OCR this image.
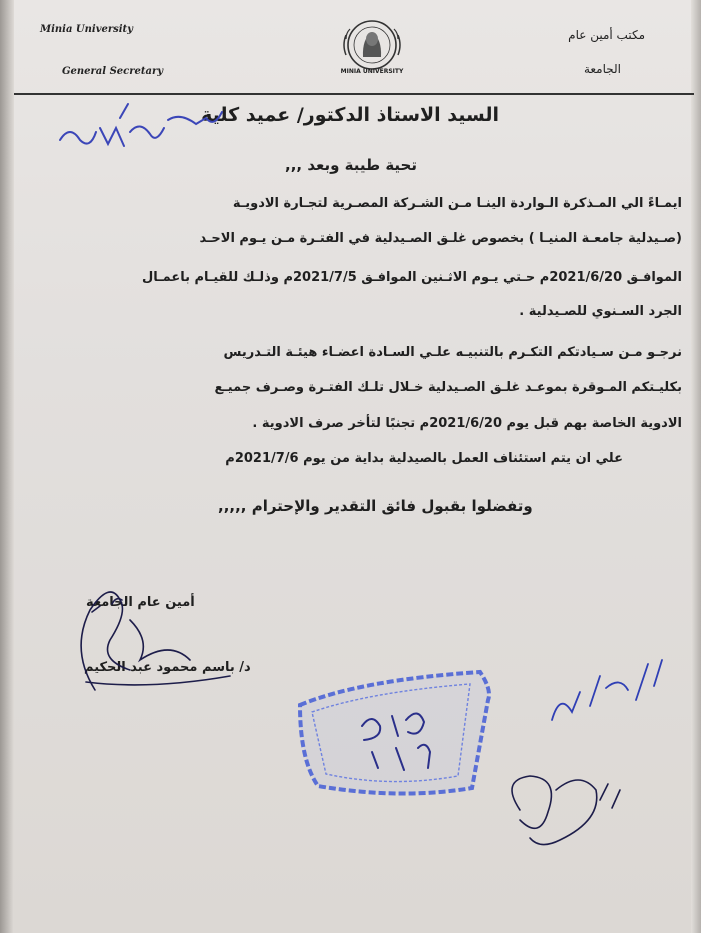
Minia University
General Secretary
مكتب أمين عام
الجامعة
MINIA UNIVERSITY
السيد الاستاذ الدكتور/ عميد كلية
تحية طيبة وبعد ,,,
ايمـاءً الي المـذكرة الـواردة الينـا مـن الشـركة المصـرية لتجـارة الادويـة
(صـيدلية جامعـة المنيـا ) بخصوص غلـق الصـيدلية في الفتـرة مـن يـوم الاحـد
الموافـق 2021/6/20م حـتي يـوم الاثـنين الموافـق 2021/7/5م وذلـك للقيـام باعمـال
الجرد السـنوي للصـيدلية .
نرجـو مـن سـيادتكم التكـرم بالتنبيـه علـي السـادة اعضـاء هيئـة التـدريس
بكليـتكم المـوقرة بموعـد غلـق الصـيدلية خـلال تلـك الفتـرة وصـرف جميـع
الادوية الخاصة بهم قبل يوم 2021/6/20م تجنبًا لتأخر صرف الادوية .
علي ان يتم استئناف العمل بالصيدلية بداية من يوم 2021/7/6م
وتفضلوا بقبول فائق التقدير والإحترام ,,,,,
أمين عام الجامعة
د/ باسم محمود عبد الحكيم
